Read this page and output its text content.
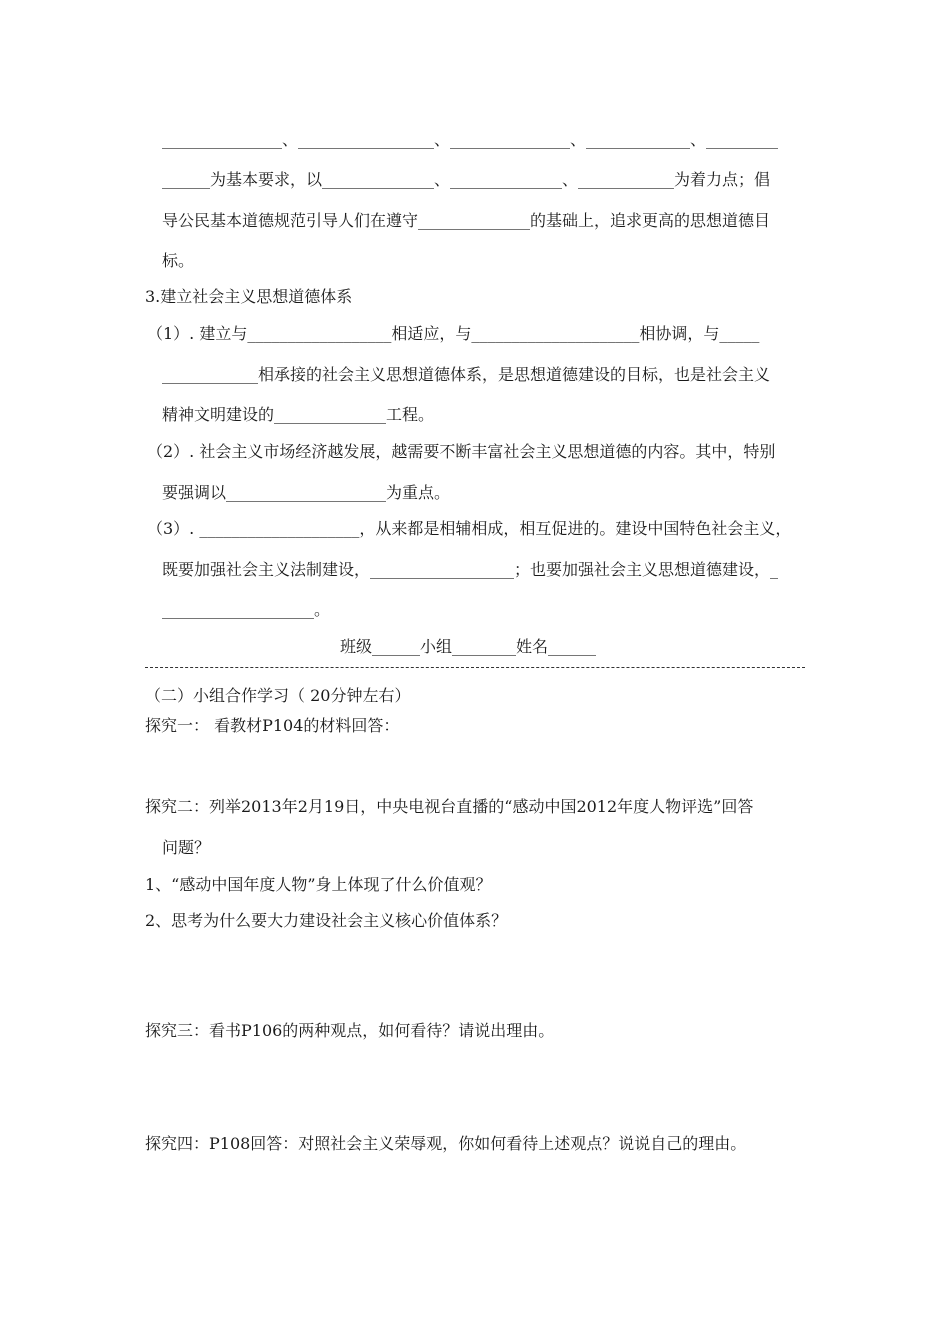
_______________、_________________、_______________、_____________、_________

______为基本要求，以______________、______________、____________为着力点；倡

导公民基本道德规范引导人们在遵守______________的基础上，追求更高的思想道德目

标。

3.建立社会主义思想道德体系

（1）. 建立与__________________相适应，与_____________________相协调，与_____

____________相承接的社会主义思想道德体系，是思想道德建设的目标，也是社会主义

精神文明建设的______________工程。

（2）. 社会主义市场经济越发展，越需要不断丰富社会主义思想道德的内容。其中，特别

要强调以____________________为重点。

（3）. ____________________，从来都是相辅相成，相互促进的。建设中国特色社会主义，

既要加强社会主义法制建设，__________________；也要加强社会主义思想道德建设，_

___________________。

班级______小组________姓名______

（二）小组合作学习（ 20分钟左右）

探究一： 看教材P104的材料回答：

探究二：列举2013年2月19日，中央电视台直播的“感动中国2012年度人物评选”回答

问题？

1、“感动中国年度人物”身上体现了什么价值观？

2、思考为什么要大力建设社会主义核心价值体系？

探究三：看书P106的两种观点，如何看待？请说出理由。

探究四：P108回答：对照社会主义荣辱观，你如何看待上述观点？说说自己的理由。
